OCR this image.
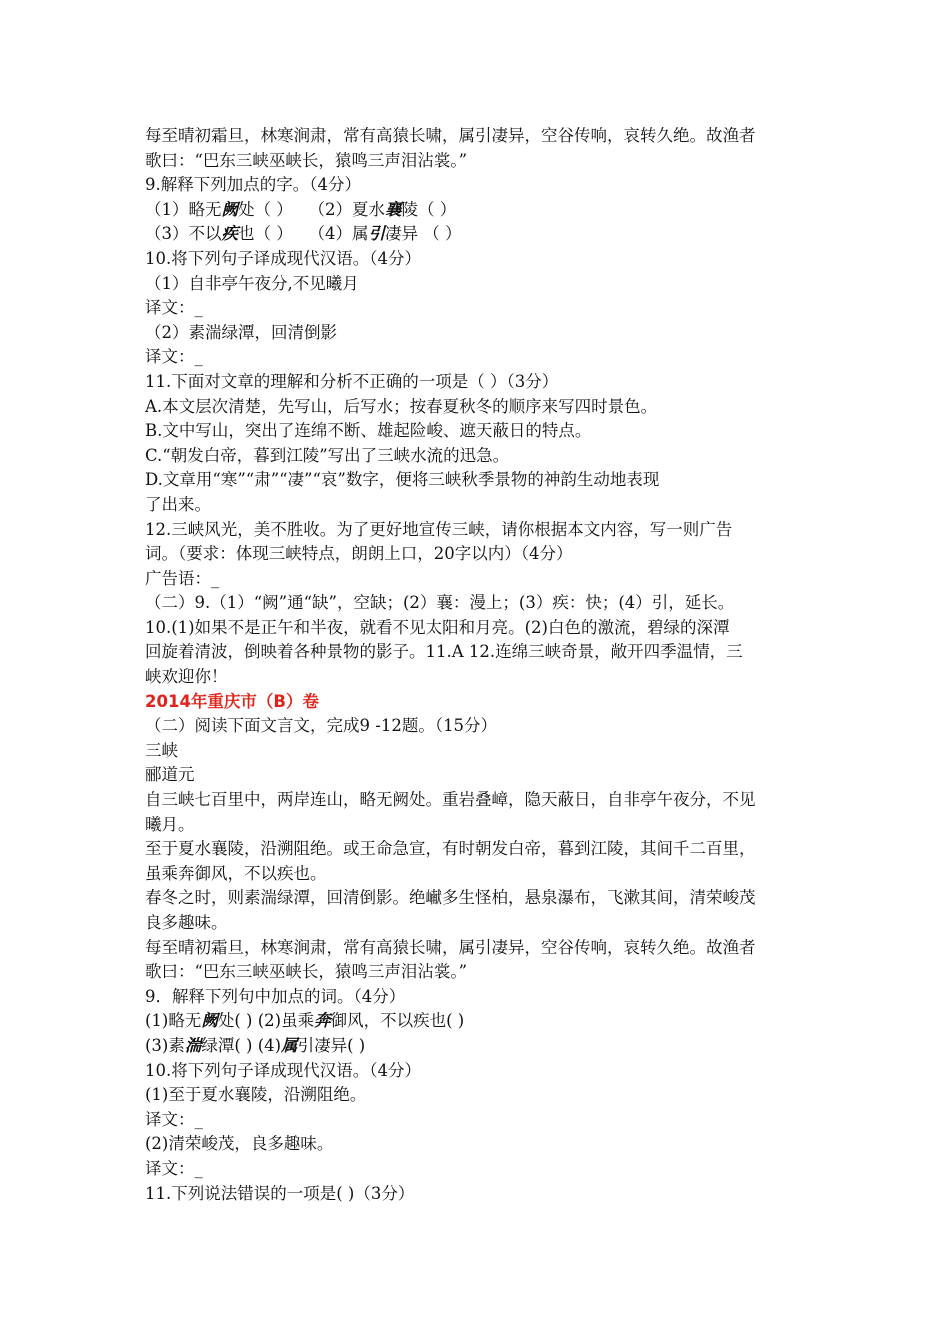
每至晴初霜旦，林寒涧肃，常有高猿长啸，属引凄异，空谷传响，哀转久绝。故渔者
歌曰：“巴东三峡巫峡长，猿鸣三声泪沾裳。”
9.解释下列加点的字。（4分）
（1）略无阙处（ ） （2）夏水襄陵（ ）
（3）不以疾也（ ） （4）属引凄异 （ ）
10.将下列句子译成现代汉语。（4分）
（1）自非亭午夜分,不见曦月
译文：_
（2）素湍绿潭，回清倒影
译文：_
11.下面对文章的理解和分析不正确的一项是（ ）（3分）
A.本文层次清楚，先写山，后写水；按春夏秋冬的顺序来写四时景色。
B.文中写山，突出了连绵不断、雄起险峻、遮天蔽日的特点。
C.“朝发白帝，暮到江陵”写出了三峡水流的迅急。
D.文章用“寒”“肃”“凄”“哀”数字，便将三峡秋季景物的神韵生动地表现
了出来。
12.三峡风光，美不胜收。为了更好地宣传三峡，请你根据本文内容，写一则广告
词。（要求：体现三峡特点，朗朗上口，20字以内）（4分）
广告语：_
（二）9.（1）“阙”通“缺”，空缺；(2）襄：漫上；(3）疾：快；(4）引，延长。
10.(1)如果不是正午和半夜，就看不见太阳和月亮。(2)白色的激流，碧绿的深潭
回旋着清波，倒映着各种景物的影子。11.A 12.连绵三峡奇景，敞开四季温情，三
峡欢迎你！
2014年重庆市（B）卷
（二）阅读下面文言文，完成9 -12题。（15分）
三峡
郦道元
自三峡七百里中，两岸连山，略无阙处。重岩叠嶂，隐天蔽日，自非亭午夜分，不见
曦月。
至于夏水襄陵，沿溯阻绝。或王命急宣，有时朝发白帝，暮到江陵，其间千二百里，
虽乘奔御风，不以疾也。
春冬之时，则素湍绿潭，回清倒影。绝𪩘多生怪柏，悬泉瀑布，飞漱其间，清荣峻茂
良多趣味。
每至晴初霜旦，林寒涧肃，常有高猿长啸，属引凄异，空谷传响，哀转久绝。故渔者
歌曰：“巴东三峡巫峡长，猿鸣三声泪沾裳。”
9．解释下列句中加点的词。（4分）
(1)略无阙处( ) (2)虽乘奔御风，不以疾也( )
(3)素湍绿潭( ) (4)属引凄异( )
10.将下列句子译成现代汉语。（4分）
(1)至于夏水襄陵，沿溯阻绝。
译文：_
(2)清荣峻茂，良多趣味。
译文：_
11.下列说法错误的一项是( )（3分）
